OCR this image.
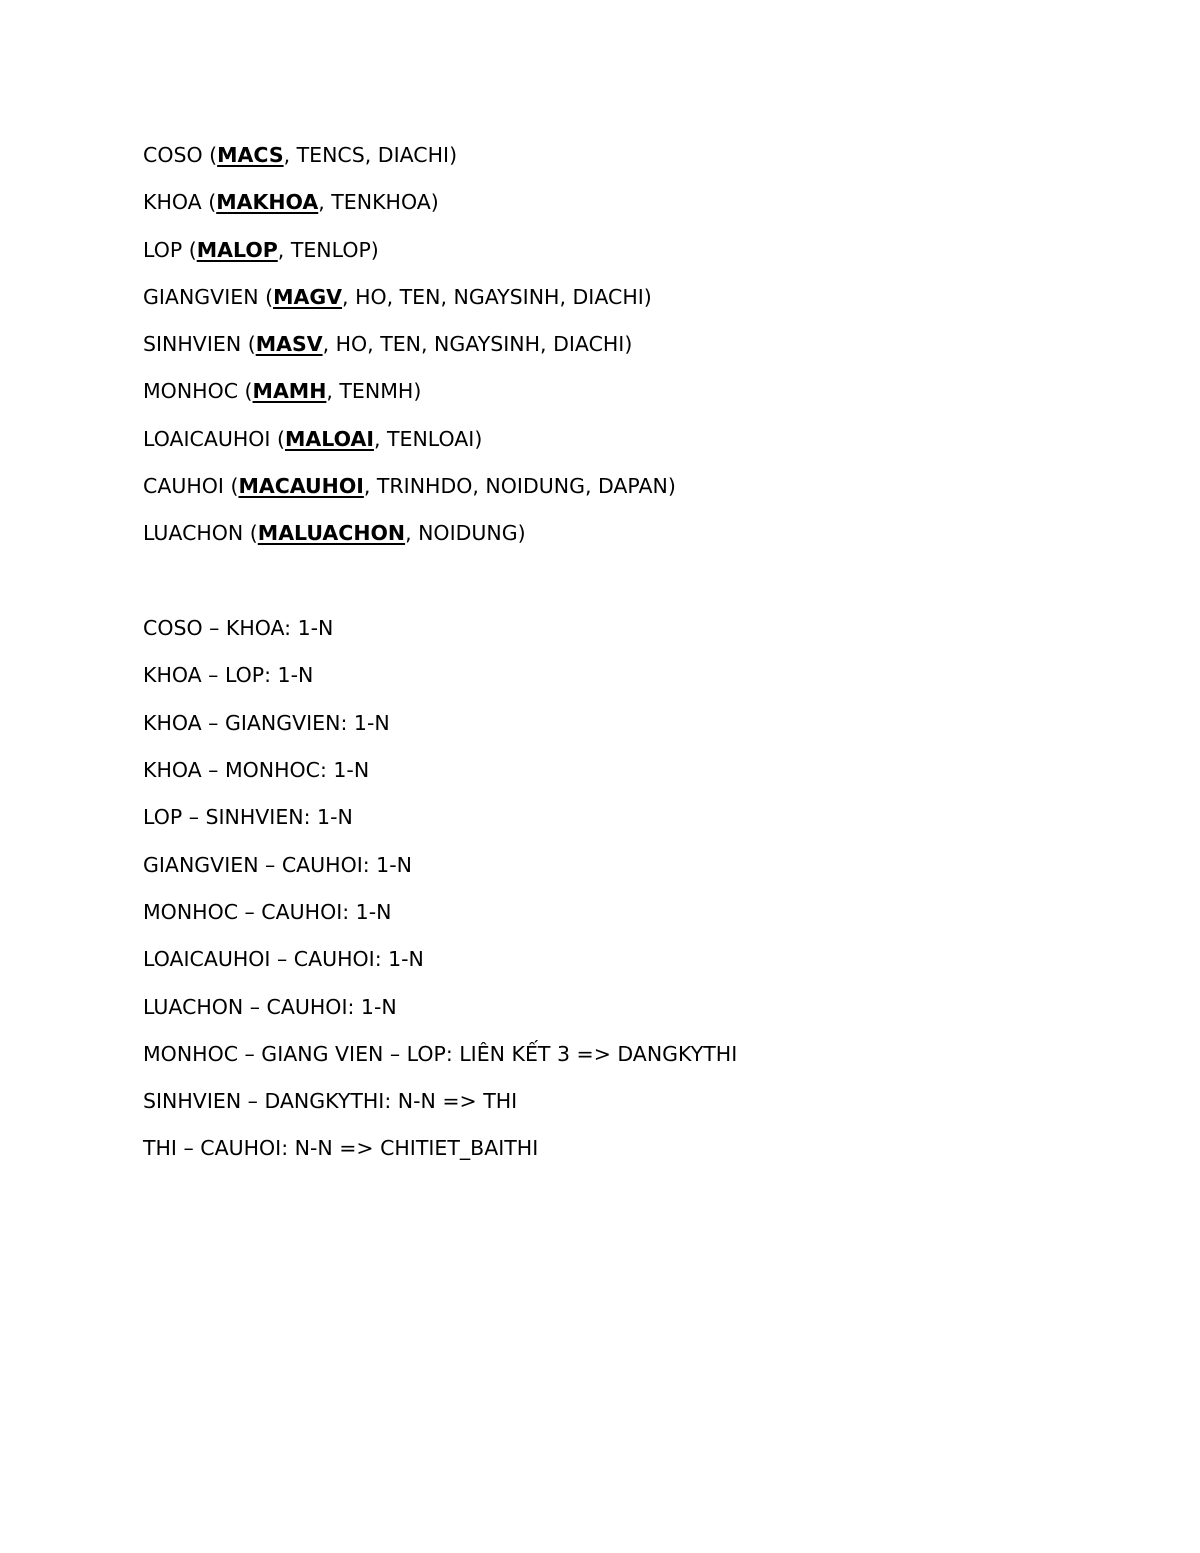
COSO (MACS, TENCS, DIACHI)
KHOA (MAKHOA, TENKHOA)
LOP (MALOP, TENLOP)
GIANGVIEN (MAGV, HO, TEN, NGAYSINH, DIACHI)
SINHVIEN (MASV, HO, TEN, NGAYSINH, DIACHI)
MONHOC (MAMH, TENMH)
LOAICAUHOI (MALOAI, TENLOAI)
CAUHOI (MACAUHOI, TRINHDO, NOIDUNG, DAPAN)
LUACHON (MALUACHON, NOIDUNG)
COSO – KHOA: 1-N
KHOA – LOP: 1-N
KHOA – GIANGVIEN: 1-N
KHOA – MONHOC: 1-N
LOP – SINHVIEN: 1-N
GIANGVIEN – CAUHOI: 1-N
MONHOC – CAUHOI: 1-N
LOAICAUHOI – CAUHOI: 1-N
LUACHON – CAUHOI: 1-N
MONHOC – GIANG VIEN – LOP: LIÊN KẾT 3 => DANGKYTHI
SINHVIEN – DANGKYTHI: N-N => THI
THI – CAUHOI: N-N => CHITIET_BAITHI
